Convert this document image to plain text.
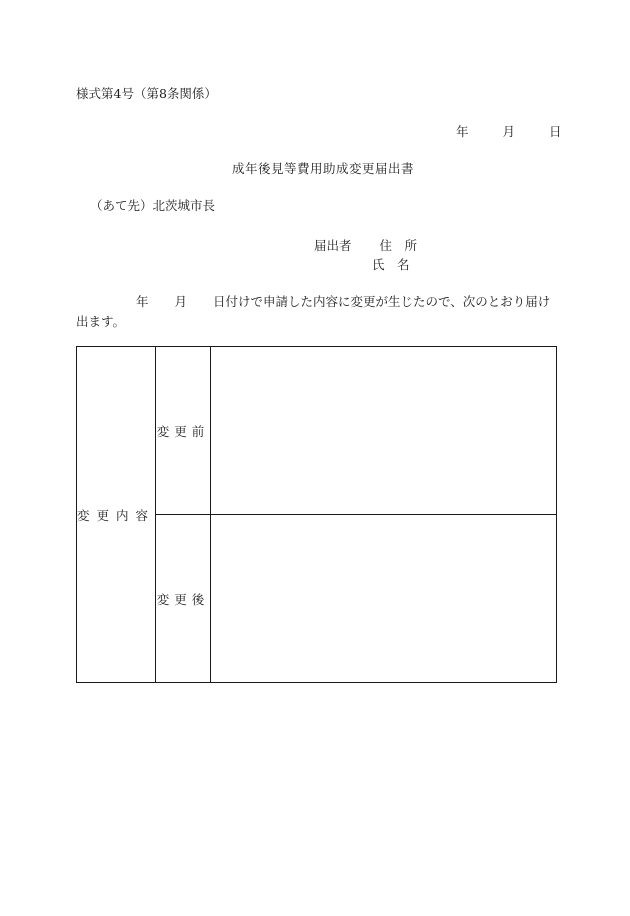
様式第4号（第8条関係）
年	月	日
成年後見等費用助成変更届出書
（あて先）北茨城市長
届出者 住　所
氏　名
年 月 日付けで申請した内容に変更が生じたので、次のとおり届け出ます。
変更内容	変更前	
	変更後	
